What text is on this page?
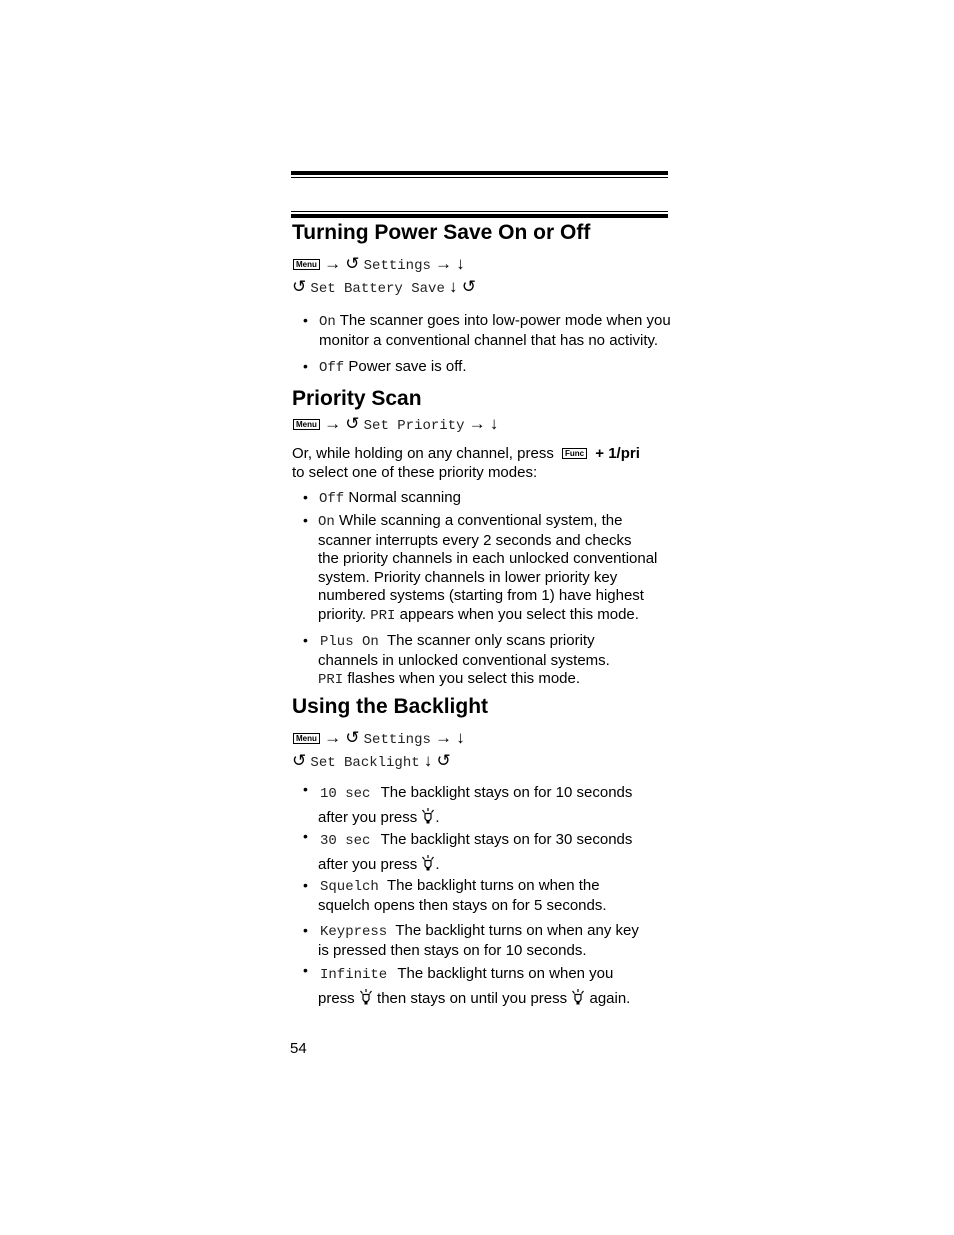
Turning Power Save On or Off
Menu → ↺ Settings → ↓
↺ Set Battery Save ↓ ↺
• On The scanner goes into low-power mode when you
monitor a conventional channel that has no activity.
• Off Power save is off.
Priority Scan
Menu → ↺ Set Priority → ↓
Or, while holding on any channel, press Func + 1/pri
to select one of these priority modes:
• Off Normal scanning
• On While scanning a conventional system, the
scanner interrupts every 2 seconds and checks
the priority channels in each unlocked conventional
system. Priority channels in lower priority key
numbered systems (starting from 1) have highest
priority. PRI appears when you select this mode.
• Plus On The scanner only scans priority
channels in unlocked conventional systems.
PRI flashes when you select this mode.
Using the Backlight
Menu → ↺ Settings → ↓
↺ Set Backlight ↓ ↺
• 10 sec The backlight stays on for 10 seconds
after you press .
• 30 sec The backlight stays on for 30 seconds
after you press .
• Squelch The backlight turns on when the
squelch opens then stays on for 5 seconds.
• Keypress The backlight turns on when any key
is pressed then stays on for 10 seconds.
• Infinite The backlight turns on when you
press then stays on until you press again.
54
